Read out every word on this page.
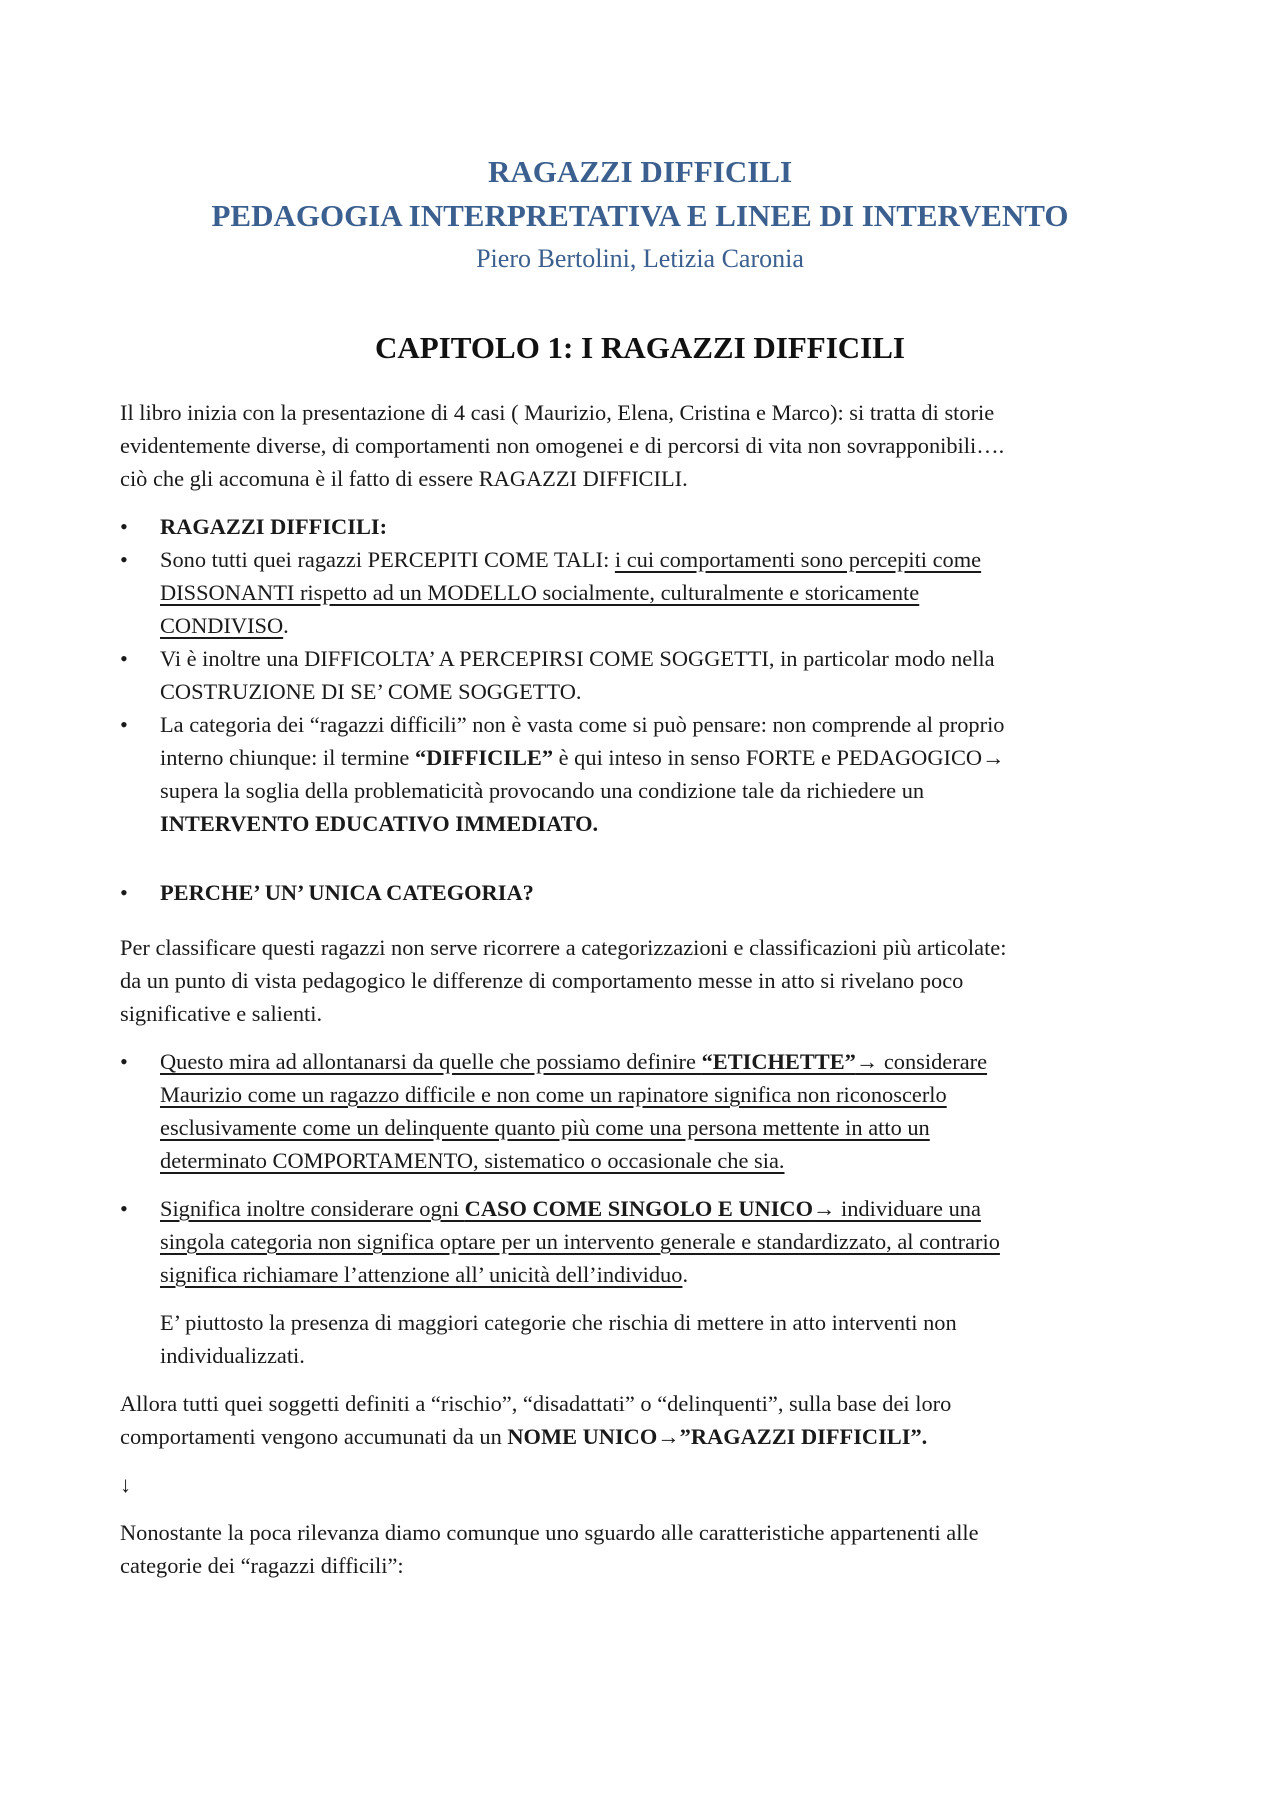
RAGAZZI DIFFICILI
PEDAGOGIA INTERPRETATIVA E LINEE DI INTERVENTO
Piero Bertolini, Letizia Caronia
CAPITOLO 1: I RAGAZZI DIFFICILI

Il libro inizia con la presentazione di 4 casi ( Maurizio, Elena, Cristina e Marco): si tratta di storie
evidentemente diverse, di comportamenti non omogenei e di percorsi di vita non sovrapponibili….
ciò che gli accomuna è il fatto di essere RAGAZZI DIFFICILI.

• RAGAZZI DIFFICILI:
• Sono tutti quei ragazzi PERCEPITI COME TALI: i cui comportamenti sono percepiti come
DISSONANTI rispetto ad un MODELLO socialmente, culturalmente e storicamente
CONDIVISO.
• Vi è inoltre una DIFFICOLTA’ A PERCEPIRSI COME SOGGETTI, in particolar modo nella
COSTRUZIONE DI SE’ COME SOGGETTO.
• La categoria dei “ragazzi difficili” non è vasta come si può pensare: non comprende al proprio
interno chiunque: il termine “DIFFICILE” è qui inteso in senso FORTE e PEDAGOGICO→
supera la soglia della problematicità provocando una condizione tale da richiedere un
INTERVENTO EDUCATIVO IMMEDIATO.
• PERCHE’ UN’ UNICA CATEGORIA?

Per classificare questi ragazzi non serve ricorrere a categorizzazioni e classificazioni più articolate:
da un punto di vista pedagogico le differenze di comportamento messe in atto si rivelano poco
significative e salienti.

• Questo mira ad allontanarsi da quelle che possiamo definire “ETICHETTE”→ considerare
Maurizio come un ragazzo difficile e non come un rapinatore significa non riconoscerlo
esclusivamente come un delinquente quanto più come una persona mettente in atto un
determinato COMPORTAMENTO, sistematico o occasionale che sia.
• Significa inoltre considerare ogni CASO COME SINGOLO E UNICO→ individuare una
singola categoria non significa optare per un intervento generale e standardizzato, al contrario
significa richiamare l’attenzione all’ unicità dell’individuo.

E’ piuttosto la presenza di maggiori categorie che rischia di mettere in atto interventi non
individualizzati.

Allora tutti quei soggetti definiti a “rischio”, “disadattati” o “delinquenti”, sulla base dei loro
comportamenti vengono accumunati da un NOME UNICO→”RAGAZZI DIFFICILI”.

↓

Nonostante la poca rilevanza diamo comunque uno sguardo alle caratteristiche appartenenti alle
categorie dei “ragazzi difficili”:
